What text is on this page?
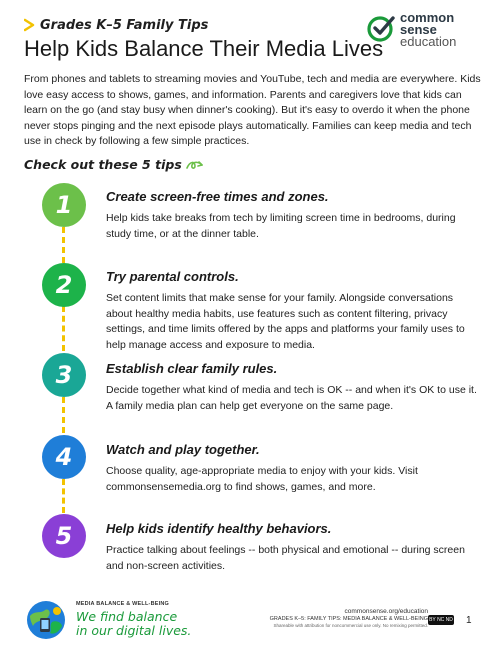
Grades K–5 Family Tips
Help Kids Balance Their Media Lives
common
sense
education

From phones and tablets to streaming movies and YouTube, tech and media are everywhere. Kids love easy access to shows, games, and information. Parents and caregivers love that kids can learn on the go (and stay busy when dinner's cooking). But it's easy to overdo it when the phone never stops pinging and the next episode plays automatically. Families can keep media and tech use in check by following a few simple practices.

Check out these 5 tips
1	Create screen-free times and zones.

Help kids take breaks from tech by limiting screen time in bedrooms, during study time, or at the dinner table.

2	Try parental controls.

Set content limits that make sense for your family. Alongside conversations about healthy media habits, use features such as content filtering, privacy settings, and time limits offered by the apps and platforms your family uses to help manage access and exposure to media.

3	Establish clear family rules.

Decide together what kind of media and tech is OK -- and when it's OK to use it. A family media plan can help get everyone on the same page.

4	Watch and play together.

Choose quality, age-appropriate media to enjoy with your kids. Visit commonsensemedia.org to find shows, games, and more.

5	Help kids identify healthy behaviors.

Practice talking about feelings -- both physical and emotional -- during screen and non-screen activities.

MEDIA BALANCE & WELL-BEING
We find balance
in our digital lives.
commonsense.org/education
GRADES K–5: FAMILY TIPS: MEDIA BALANCE & WELL-BEING
Shareable with attribution for noncommercial use only. No remixing permitted.
BY NC ND 1
